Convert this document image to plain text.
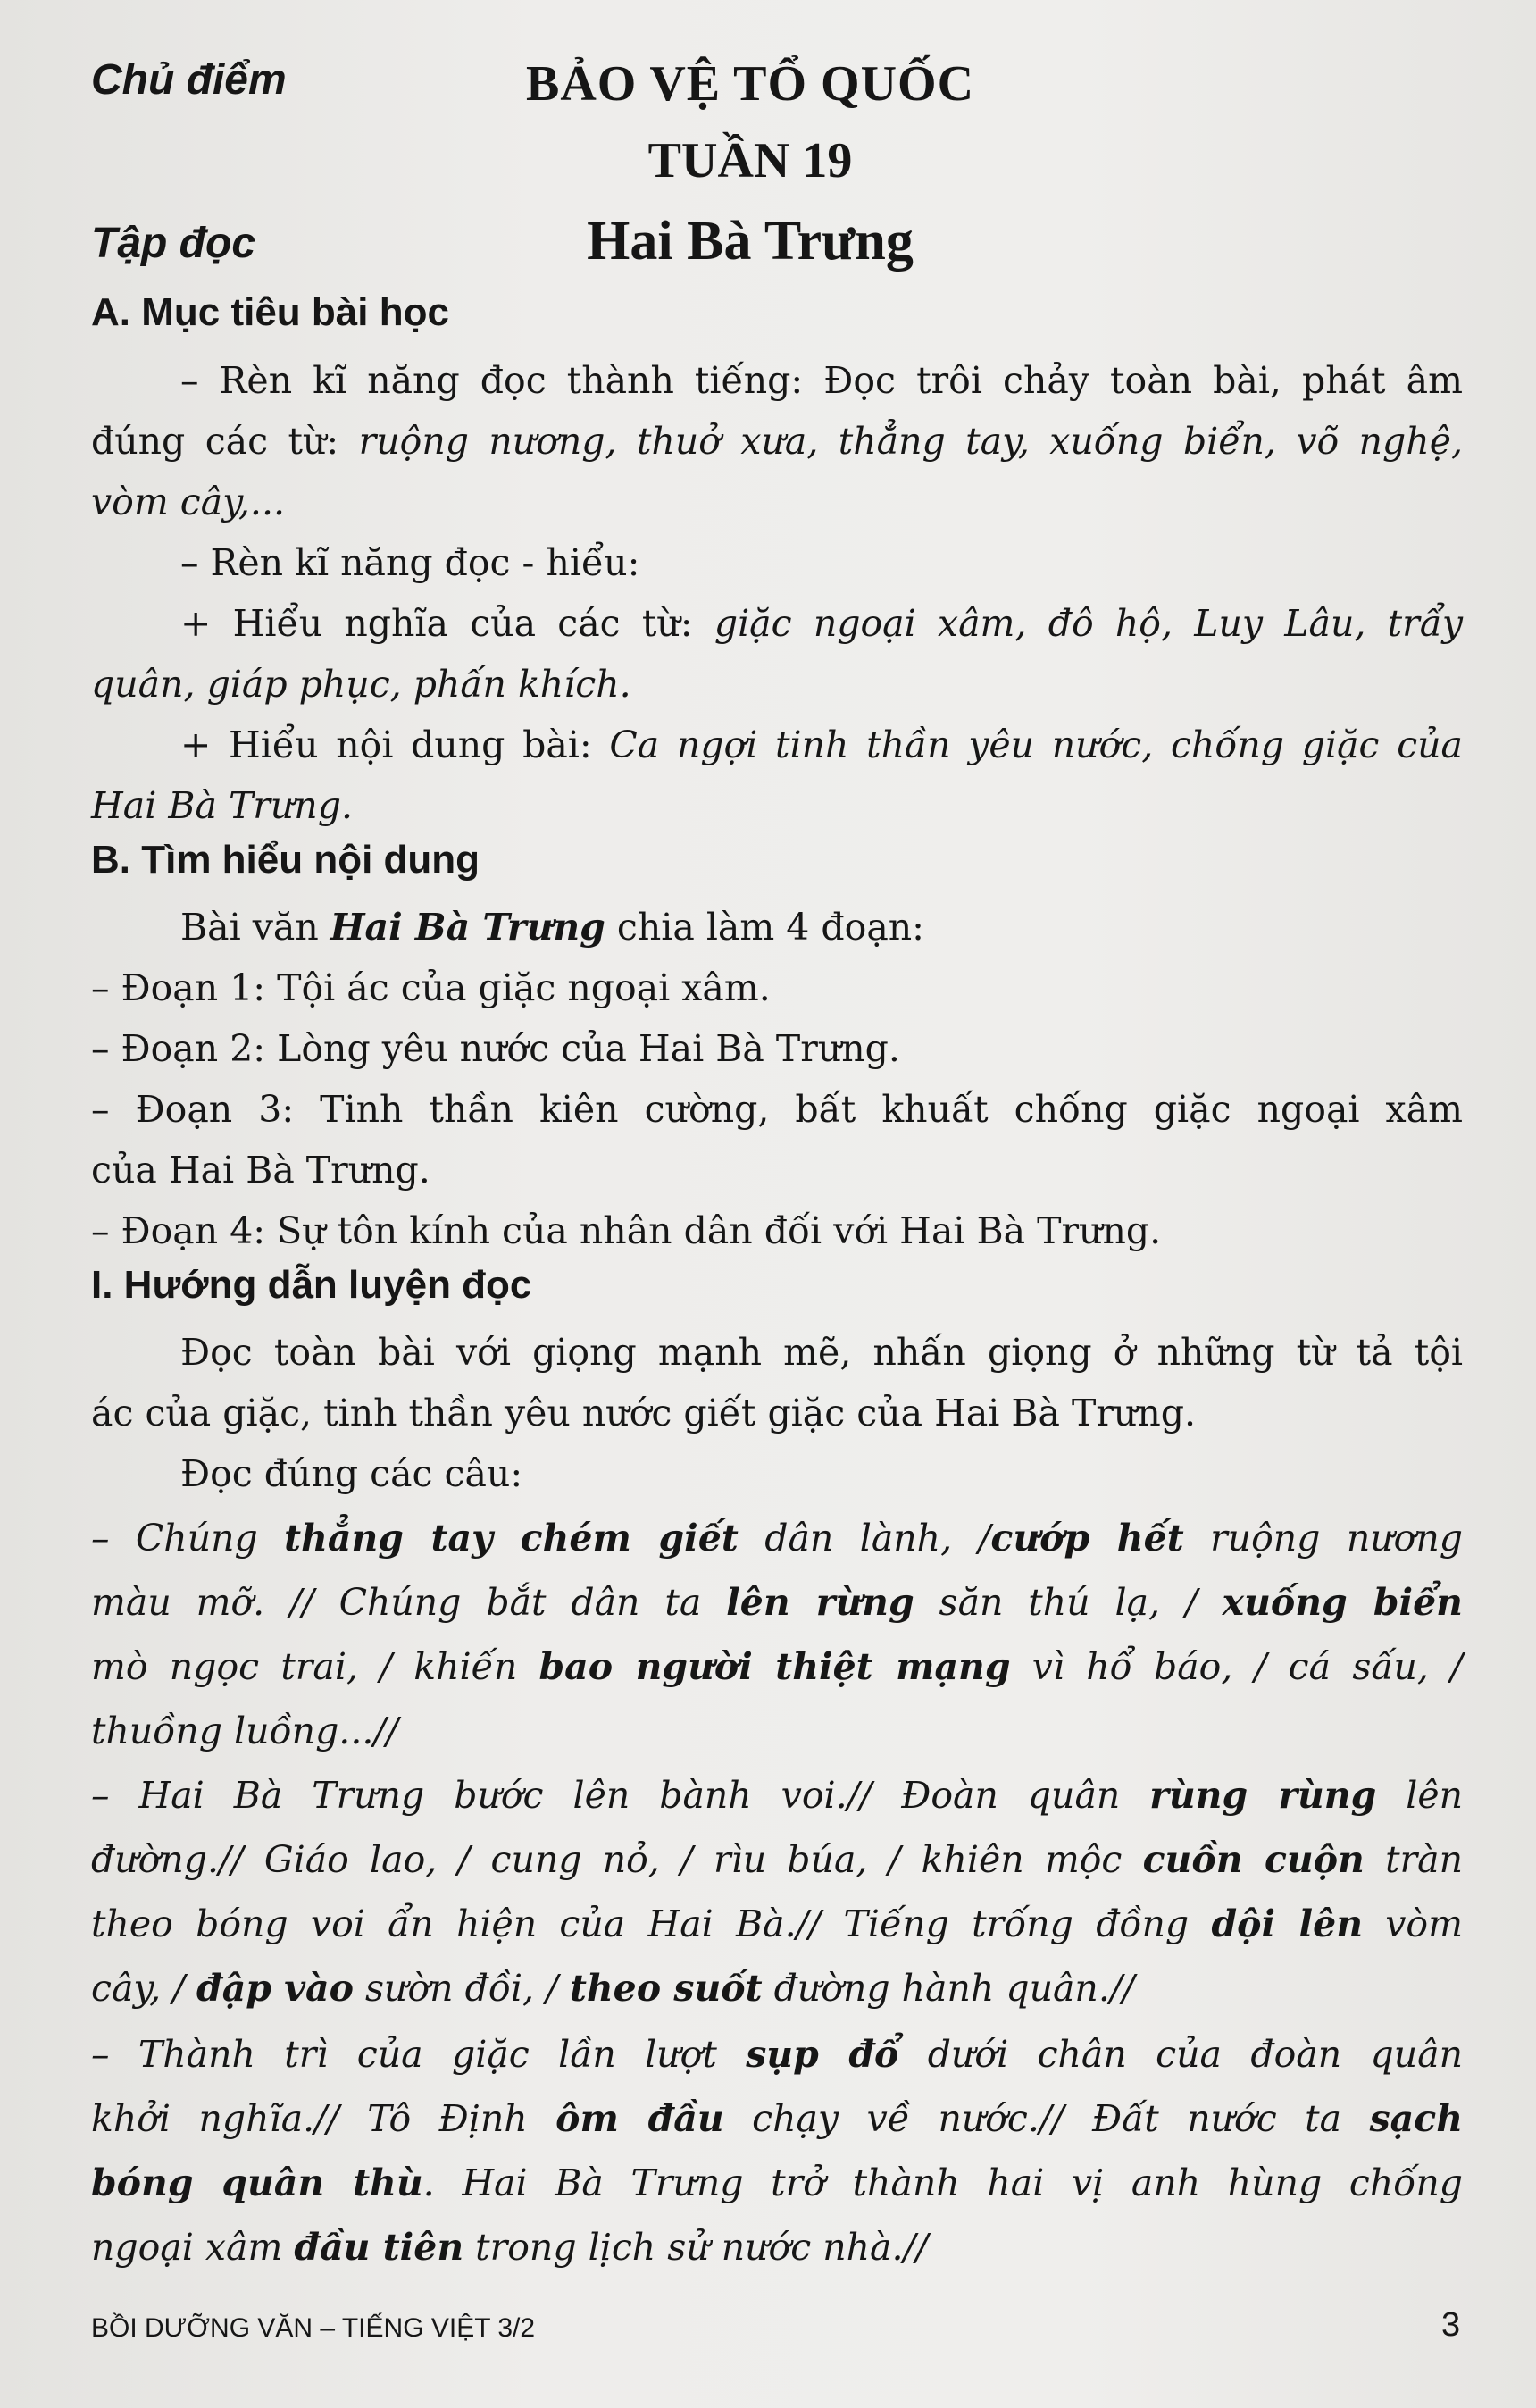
Chủ điểm	BẢO VỆ TỔ QUỐC
TUẦN 19
Tập đọc	Hai Bà Trưng
A. Mục tiêu bài học
– Rèn kĩ năng đọc thành tiếng: Đọc trôi chảy toàn bài, phát âm
đúng các từ: ruộng nương, thuở xưa, thẳng tay, xuống biển, võ nghệ,
vòm cây,...
– Rèn kĩ năng đọc - hiểu:
+ Hiểu nghĩa của các từ: giặc ngoại xâm, đô hộ, Luy Lâu, trẩy
quân, giáp phục, phấn khích.
+ Hiểu nội dung bài: Ca ngợi tinh thần yêu nước, chống giặc của
Hai Bà Trưng.
B. Tìm hiểu nội dung
Bài văn Hai Bà Trưng chia làm 4 đoạn:
– Đoạn 1: Tội ác của giặc ngoại xâm.
– Đoạn 2: Lòng yêu nước của Hai Bà Trưng.
– Đoạn 3: Tinh thần kiên cường, bất khuất chống giặc ngoại xâm
của Hai Bà Trưng.
– Đoạn 4: Sự tôn kính của nhân dân đối với Hai Bà Trưng.
I. Hướng dẫn luyện đọc
Đọc toàn bài với giọng mạnh mẽ, nhấn giọng ở những từ tả tội
ác của giặc, tinh thần yêu nước giết giặc của Hai Bà Trưng.
Đọc đúng các câu:
– Chúng thẳng tay chém giết dân lành, /cướp hết ruộng nương
màu mỡ. // Chúng bắt dân ta lên rừng săn thú lạ, / xuống biển
mò ngọc trai, / khiến bao người thiệt mạng vì hổ báo, / cá sấu, /
thuồng luồng...//
– Hai Bà Trưng bước lên bành voi.// Đoàn quân rùng rùng lên
đường.// Giáo lao, / cung nỏ, / rìu búa, / khiên mộc cuồn cuộn tràn
theo bóng voi ẩn hiện của Hai Bà.// Tiếng trống đồng dội lên vòm
cây, / đập vào sườn đồi, / theo suốt đường hành quân.//
– Thành trì của giặc lần lượt sụp đổ dưới chân của đoàn quân
khởi nghĩa.// Tô Định ôm đầu chạy về nước.// Đất nước ta sạch
bóng quân thù. Hai Bà Trưng trở thành hai vị anh hùng chống
ngoại xâm đầu tiên trong lịch sử nước nhà.//
BỒI DƯỠNG VĂN – TIẾNG VIỆT 3/2	3
